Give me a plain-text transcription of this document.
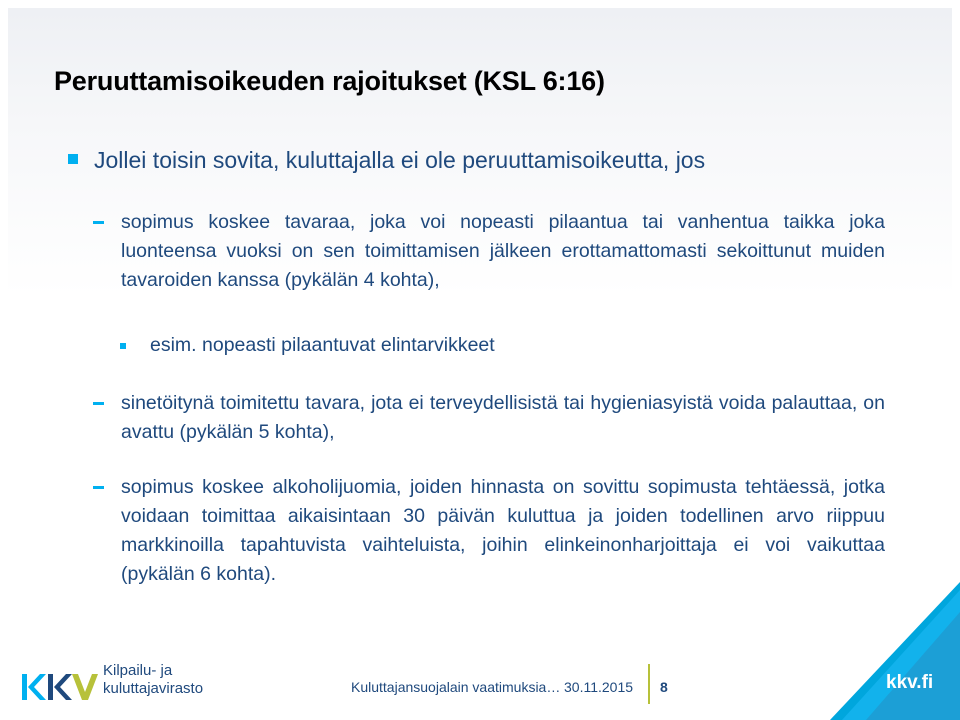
Peruuttamisoikeuden rajoitukset (KSL 6:16)
Jollei toisin sovita, kuluttajalla ei ole peruuttamisoikeutta, jos
sopimus koskee tavaraa, joka voi nopeasti pilaantua tai vanhentua taikka joka luonteensa vuoksi on sen toimittamisen jälkeen erottamattomasti sekoittunut muiden tavaroiden kanssa (pykälän 4 kohta),
esim. nopeasti pilaantuvat elintarvikkeet
sinetöitynä toimitettu tavara, jota ei terveydellisistä tai hygieniasyistä voida palauttaa, on avattu (pykälän 5 kohta),
sopimus koskee alkoholijuomia, joiden hinnasta on sovittu sopimusta tehtäessä, jotka voidaan toimittaa aikaisintaan 30 päivän kuluttua ja joiden todellinen arvo riippuu markkinoilla tapahtuvista vaihteluista, joihin elinkeinonharjoittaja ei voi vaikuttaa (pykälän 6 kohta).
Kilpailu- ja
kuluttajavirasto	Kuluttajansuojalain vaatimuksia… 30.11.2015 8	kkv.fi
